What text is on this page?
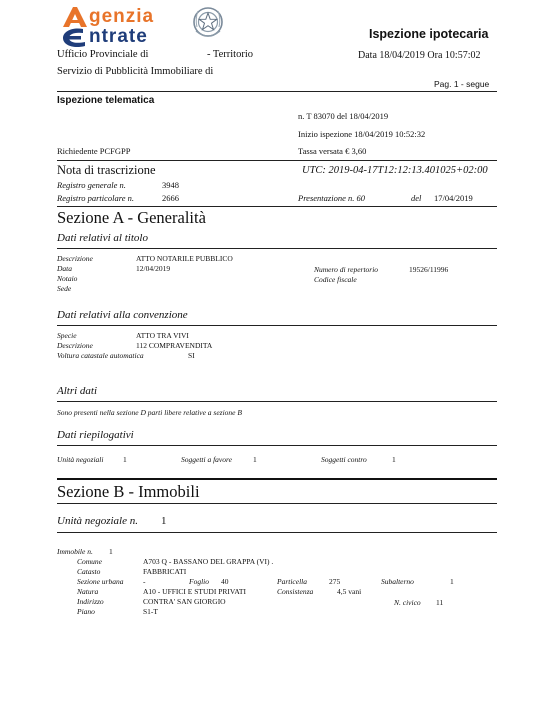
genzia
ntrate	Ispezione ipotecaria
Ufficio Provinciale di	- Territorio	Data 18/04/2019 Ora 10:57:02
Servizio di Pubblicità Immobiliare di
Pag. 1 - segue
Ispezione telematica
n. T 83070 del 18/04/2019
Inizio ispezione 18/04/2019 10:52:32
Richiedente PCFGPP	Tassa versata € 3,60
Nota di trascrizione	UTC: 2019-04-17T12:12:13.401025+02:00
Registro generale n.	3948
Registro particolare n.	2666	Presentazione n. 60	del 17/04/2019
Sezione A - Generalità
Dati relativi al titolo
Descrizione	ATTO NOTARILE PUBBLICO
Data	12/04/2019	Numero di repertorio	19526/11996
Notaio	Codice fiscale
Sede
Dati relativi alla convenzione
Specie	ATTO TRA VIVI
Descrizione	112 COMPRAVENDITA
Voltura catastale automatica	SI
Altri dati
Sono presenti nella sezione D parti libere relative a sezione B
Dati riepilogativi
Unità negoziali	1	Soggetti a favore	1	Soggetti contro	1
Sezione B - Immobili
Unità negoziale n. 1
Immobile n. 1
Comune	A703 Q - BASSANO DEL GRAPPA (VI) .
Catasto	FABBRICATI
Sezione urbana	-	Foglio 40	Particella	275	Subalterno	1
Natura	A10 - UFFICI E STUDI PRIVATI	Consistenza	4,5 vani
Indirizzo	CONTRA' SAN GIORGIO	N. civico 11
Piano	S1-T
